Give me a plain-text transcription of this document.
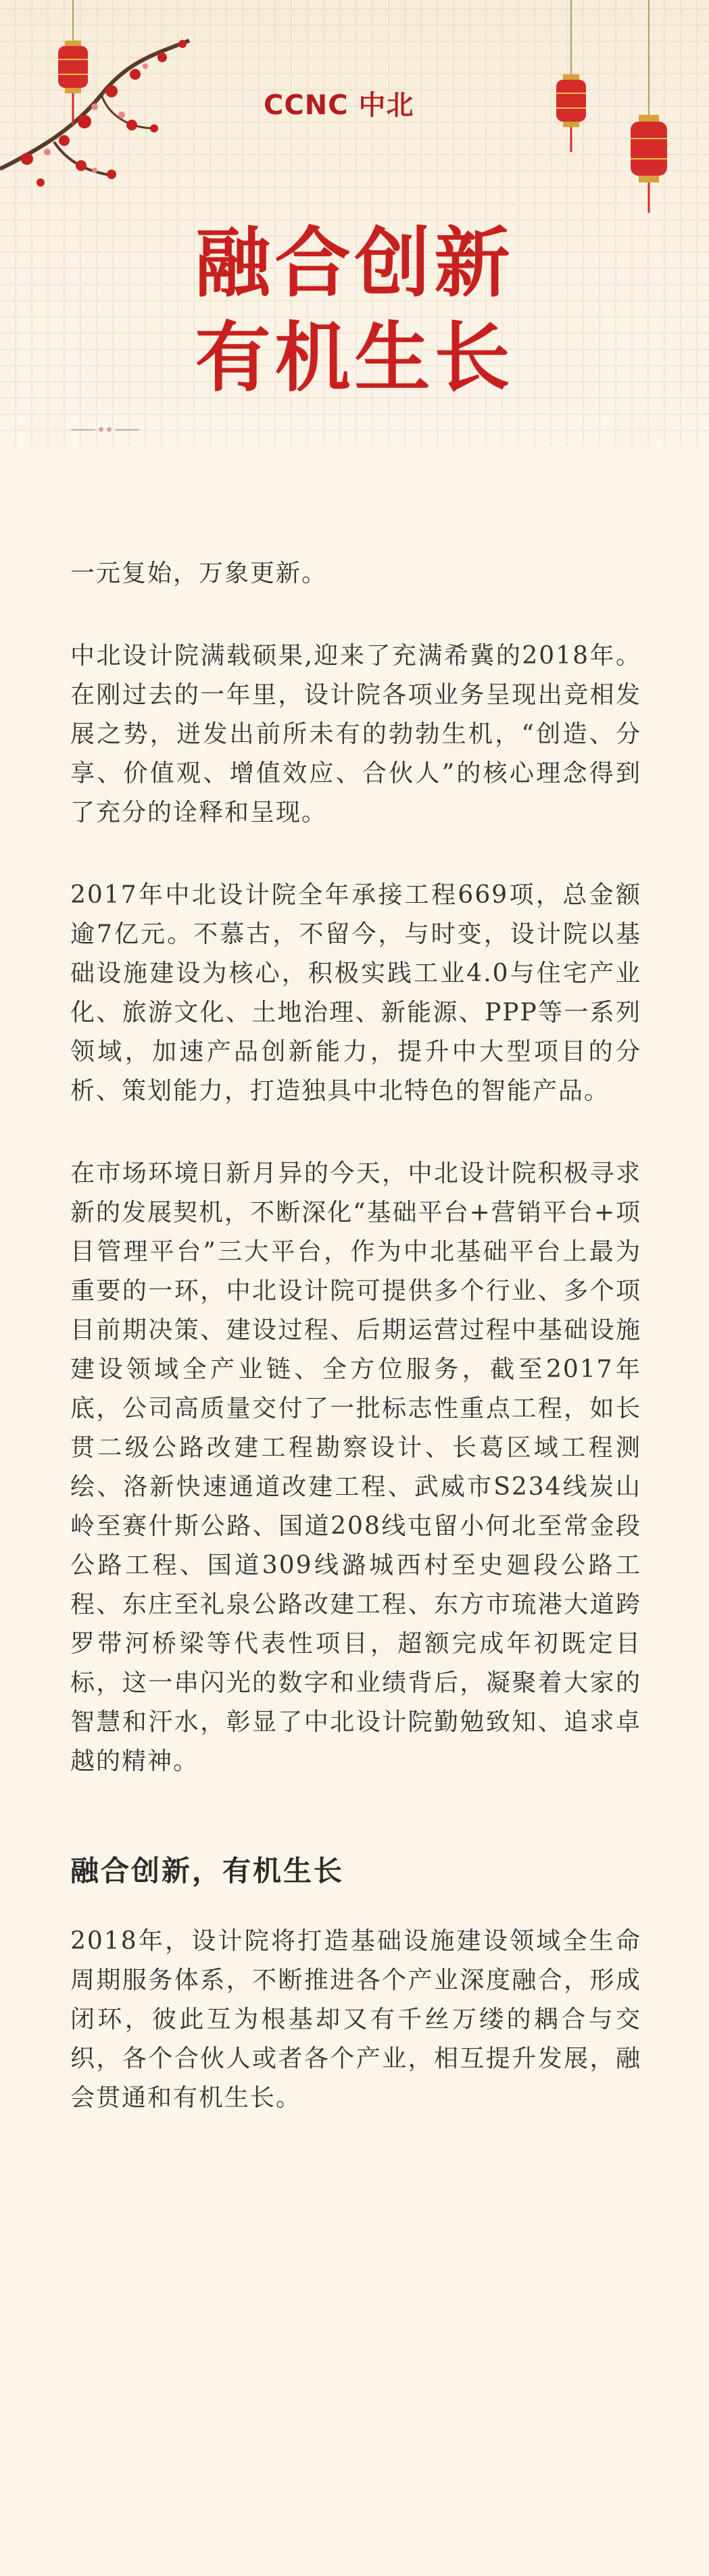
CCNC 中北
融合创新
有机生长

一元复始，万象更新。

中北设计院满载硕果,迎来了充满希冀的2018年。在刚过去的一年里，设计院各项业务呈现出竞相发展之势，迸发出前所未有的勃勃生机，“创造、分享、价值观、增值效应、合伙人”的核心理念得到了充分的诠释和呈现。

2017年中北设计院全年承接工程669项，总金额逾7亿元。不慕古，不留今，与时变，设计院以基础设施建设为核心，积极实践工业4.0与住宅产业化、旅游文化、土地治理、新能源、PPP等一系列领域，加速产品创新能力，提升中大型项目的分析、策划能力，打造独具中北特色的智能产品。

在市场环境日新月异的今天，中北设计院积极寻求新的发展契机，不断深化“基础平台+营销平台+项目管理平台”三大平台，作为中北基础平台上最为重要的一环，中北设计院可提供多个行业、多个项目前期决策、建设过程、后期运营过程中基础设施建设领域全产业链、全方位服务，截至2017年底，公司高质量交付了一批标志性重点工程，如长贯二级公路改建工程勘察设计、长葛区域工程测绘、洛新快速通道改建工程、武威市S234线炭山岭至赛什斯公路、国道208线屯留小何北至常金段公路工程、国道309线潞城西村至史廻段公路工程、东庄至礼泉公路改建工程、东方市琉港大道跨罗带河桥梁等代表性项目，超额完成年初既定目标，这一串闪光的数字和业绩背后，凝聚着大家的智慧和汗水，彰显了中北设计院勤勉致知、追求卓越的精神。

融合创新，有机生长

2018年，设计院将打造基础设施建设领域全生命周期服务体系，不断推进各个产业深度融合，形成闭环，彼此互为根基却又有千丝万缕的耦合与交织，各个合伙人或者各个产业，相互提升发展，融会贯通和有机生长。
